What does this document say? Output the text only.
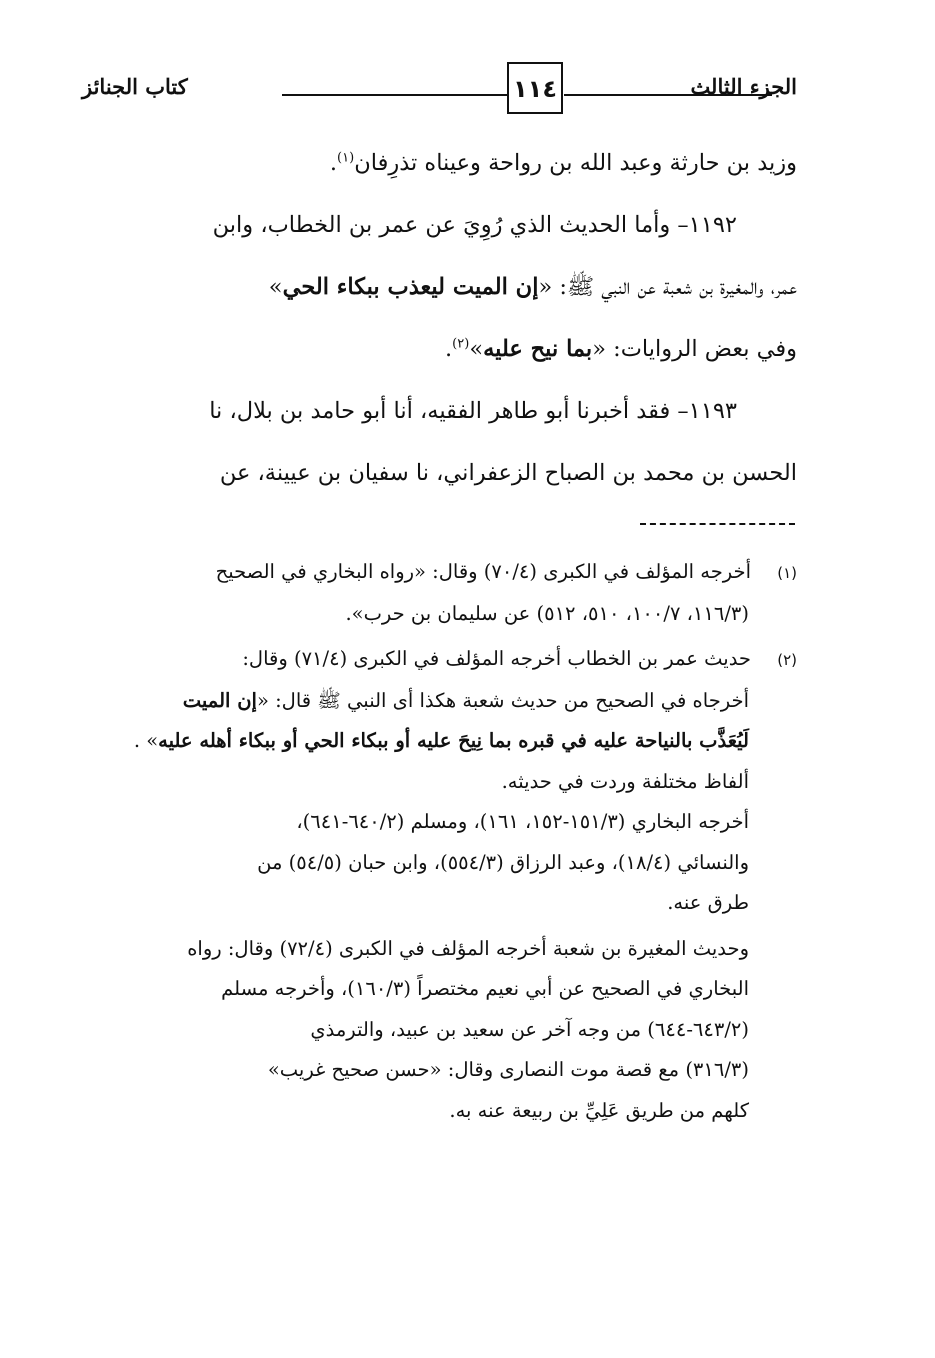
كتاب الجنائز	١١٤	الجزء الثالث

وزيد بن حارثة وعبد الله بن رواحة وعيناه تذرِفان$^{(١)}$.

١١٩٢– وأما الحديث الذي رُوِيَ عن عمر بن الخطاب، وابن

عمر، والمغيرة بن شعبة عن النبي ﷺ: «إن الميت ليعذب ببكاء الحي»

وفي بعض الروايات: «بما نيح عليه»$^{(٢)}$.

١١٩٣– فقد أخبرنا أبو طاهر الفقيه، أنا أبو حامد بن بلال، نا

الحسن بن محمد بن الصباح الزعفراني، نا سفيان بن عيينة، عن

(١)أخرجه المؤلف في الكبرى (٧٠/٤) وقال: «رواه البخاري في الصحيح

(١١٦/٣، ١٠٠/٧، ٥١٠، ٥١٢) عن سليمان بن حرب».

(٢)حديث عمر بن الخطاب أخرجه المؤلف في الكبرى (٧١/٤) وقال:

أخرجاه في الصحيح من حديث شعبة هكذا أى النبي ﷺ قال: «إن الميت

لَيُعَذَّب بالنياحة عليه في قبره بما نِيحَ عليه أو ببكاء الحي أو ببكاء أهله عليه» .

ألفاظ مختلفة وردت في حديثه.

أخرجه البخاري (١٥١/٣-١٥٢، ١٦١)، ومسلم (٦٤٠/٢-٦٤١)،

والنسائي (١٨/٤)، وعبد الرزاق (٥٥٤/٣)، وابن حبان (٥٤/٥) من

طرق عنه.

وحديث المغيرة بن شعبة أخرجه المؤلف في الكبرى (٧٢/٤) وقال: رواه

البخاري في الصحيح عن أبي نعيم مختصراً (١٦٠/٣)، وأخرجه مسلم

(٦٤٣/٢-٦٤٤) من وجه آخر عن سعيد بن عبيد، والترمذي

(٣١٦/٣) مع قصة موت النصارى وقال: «حسن صحيح غريب»

كلهم من طريق عَلِيِّ بن ربيعة عنه به.
